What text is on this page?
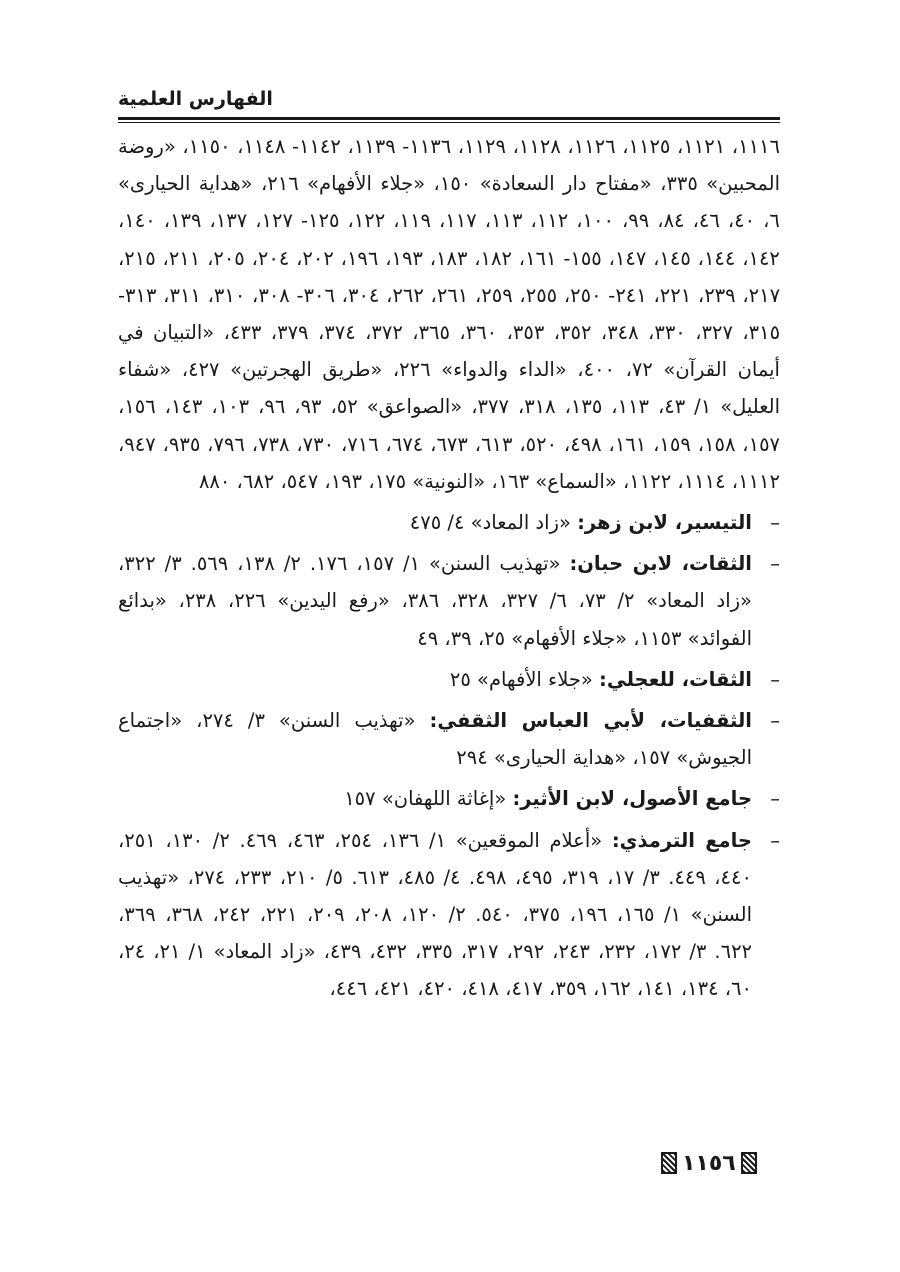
الفهارس العلمية

١١١٦، ١١٢١، ١١٢٥، ١١٢٦، ١١٢٨، ١١٢٩، ١١٣٦- ١١٣٩، ١١٤٢- ١١٤٨، ١١٥٠، «روضة المحبين» ٣٣٥، «مفتاح دار السعادة» ١٥٠، «جلاء الأفهام» ٢١٦، «هداية الحيارى» ٦، ٤٠، ٤٦، ٨٤، ٩٩، ١٠٠، ١١٢، ١١٣، ١١٧، ١١٩، ١٢٢، ١٢٥- ١٢٧، ١٣٧، ١٣٩، ١٤٠، ١٤٢، ١٤٤، ١٤٥، ١٤٧، ١٥٥- ١٦١، ١٨٢، ١٨٣، ١٩٣، ١٩٦، ٢٠٢، ٢٠٤، ٢٠٥، ٢١١، ٢١٥، ٢١٧، ٢٣٩، ٢٢١، ٢٤١- ٢٥٠، ٢٥٥، ٢٥٩، ٢٦١، ٢٦٢، ٣٠٤، ٣٠٦- ٣٠٨، ٣١٠، ٣١١، ٣١٣- ٣١٥، ٣٢٧، ٣٣٠، ٣٤٨، ٣٥٢، ٣٥٣، ٣٦٠، ٣٦٥، ٣٧٢، ٣٧٤، ٣٧٩، ٤٣٣، «التبيان في أيمان القرآن» ٧٢، ٤٠٠، «الداء والدواء» ٢٢٦، «طريق الهجرتين» ٤٢٧، «شفاء العليل» ١/ ٤٣، ١١٣، ١٣٥، ٣١٨، ٣٧٧، «الصواعق» ٥٢، ٩٣، ٩٦، ١٠٣، ١٤٣، ١٥٦، ١٥٧، ١٥٨، ١٥٩، ١٦١، ٤٩٨، ٥٢٠، ٦١٣، ٦٧٣، ٦٧٤، ٧١٦، ٧٣٠، ٧٣٨، ٧٩٦، ٩٣٥، ٩٤٧، ١١١٢، ١١١٤، ١١٢٢، «السماع» ١٦٣، «النونية» ١٧٥، ١٩٣، ٥٤٧، ٦٨٢، ٨٨٠

–
التيسير، لابن زهر: «زاد المعاد» ٤/ ٤٧٥

–
الثقات، لابن حبان: «تهذيب السنن» ١/ ١٥٧، ١٧٦. ٢/ ١٣٨، ٥٦٩. ٣/ ٣٢٢، «زاد المعاد» ٢/ ٧٣، ٦/ ٣٢٧، ٣٢٨، ٣٨٦، «رفع اليدين» ٢٢٦، ٢٣٨، «بدائع الفوائد» ١١٥٣، «جلاء الأفهام» ٢٥، ٣٩، ٤٩

–
الثقات، للعجلي: «جلاء الأفهام» ٢٥

–
الثقفيات، لأبي العباس الثقفي: «تهذيب السنن» ٣/ ٢٧٤، «اجتماع الجيوش» ١٥٧، «هداية الحيارى» ٢٩٤

–
جامع الأصول، لابن الأثير: «إغاثة اللهفان» ١٥٧

–
جامع الترمذي: «أعلام الموقعين» ١/ ١٣٦، ٢٥٤، ٤٦٣، ٤٦٩. ٢/ ١٣٠، ٢٥١، ٤٤٠، ٤٤٩. ٣/ ١٧، ٣١٩، ٤٩٥، ٤٩٨. ٤/ ٤٨٥، ٦١٣. ٥/ ٢١٠، ٢٣٣، ٢٧٤، «تهذيب السنن» ١/ ١٦٥، ١٩٦، ٣٧٥، ٥٤٠. ٢/ ١٢٠، ٢٠٨، ٢٠٩، ٢٢١، ٢٤٢، ٣٦٨، ٣٦٩، ٦٢٢. ٣/ ١٧٢، ٢٣٢، ٢٤٣، ٢٩٢، ٣١٧، ٣٣٥، ٤٣٢، ٤٣٩، «زاد المعاد» ١/ ٢١، ٢٤، ٦٠، ١٣٤، ١٤١، ١٦٢، ٣٥٩، ٤١٧، ٤١٨، ٤٢٠، ٤٢١، ٤٤٦،

١١٥٦
